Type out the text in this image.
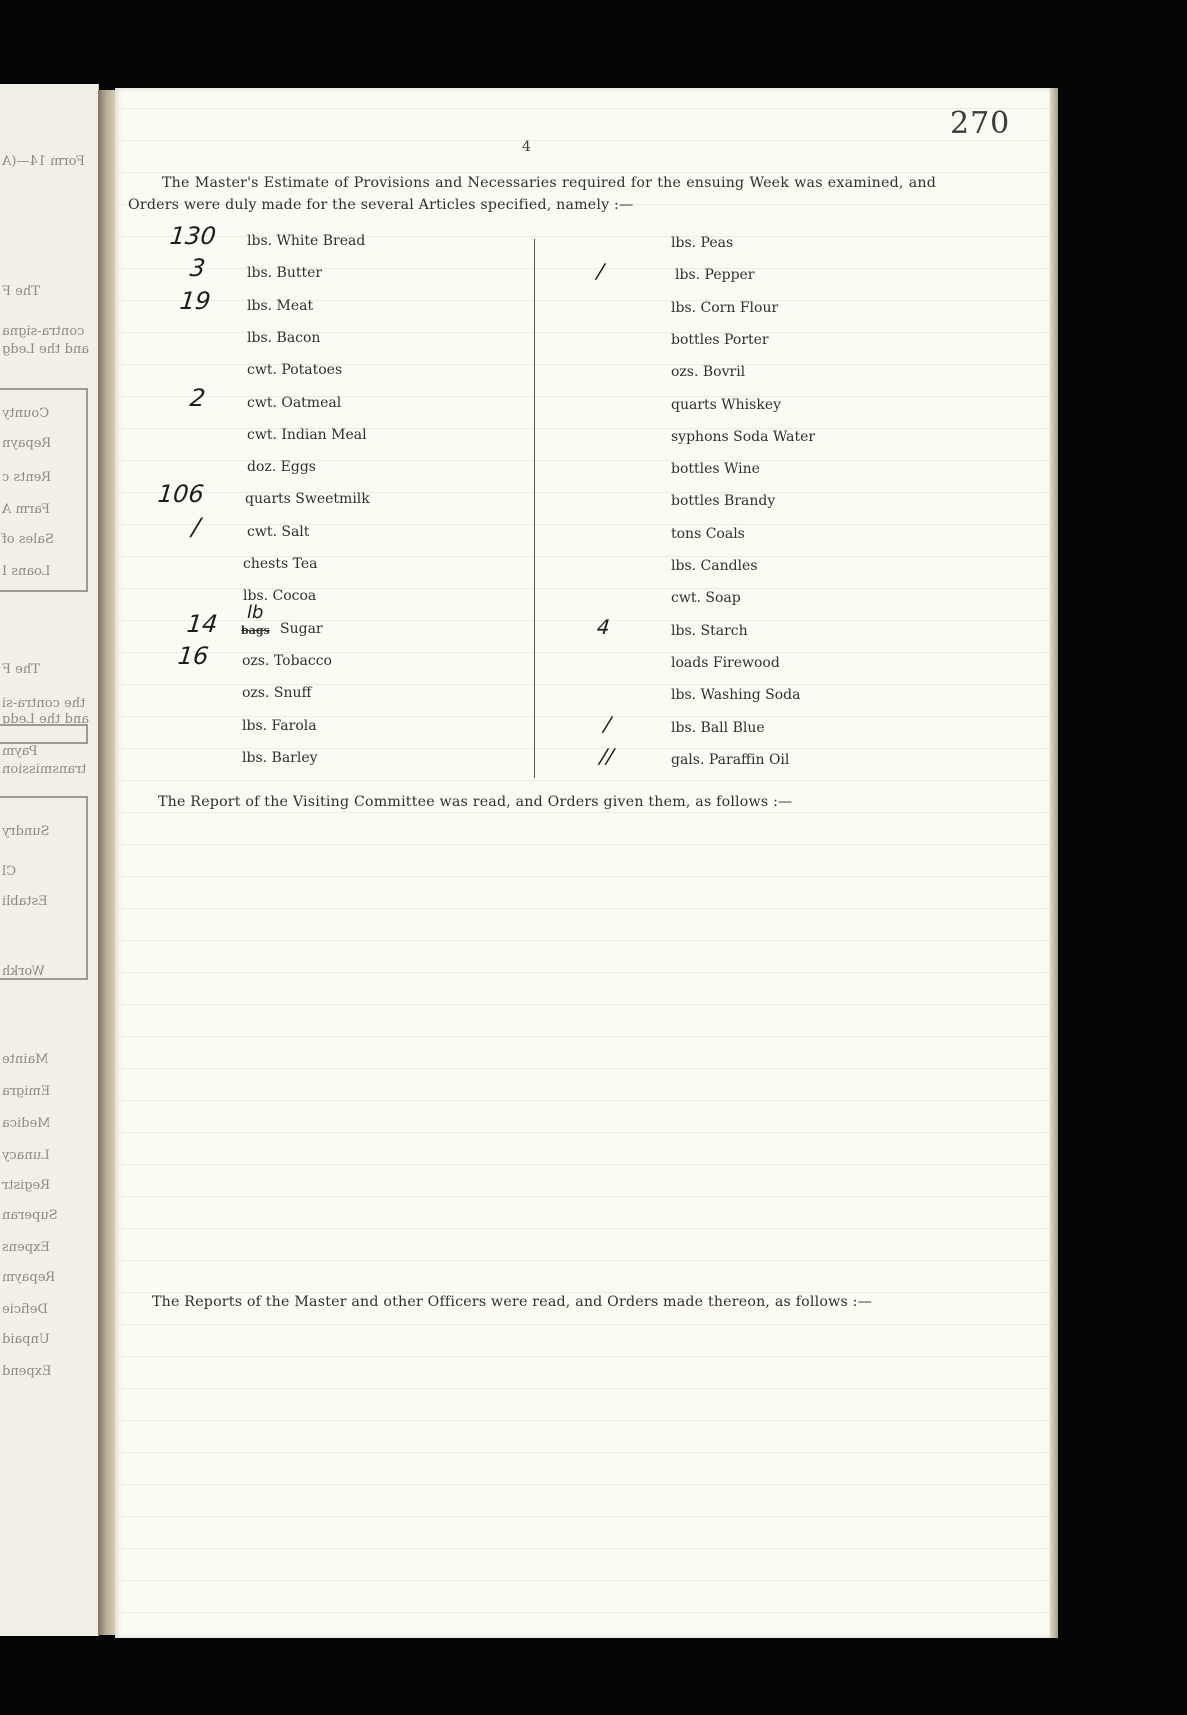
Form 14—(A
The F
contra-signa
and the Ledg
County
Repayn
Rents c
Farm A
Sales of
Loans I
The F
the contra-si
and the Ledg
Paym
transmission
Sundry
Cl
Establi
Workh
Mainte
Emigra
Medica
Lunacy
Registr
Superan
Expens
Repaym
Deficie
Unpaid
Expend
270
4
The Master's Estimate of Provisions and Necessaries required for the ensuing Week was examined, and Orders were duly made for the several Articles specified, namely :—
bags
lb
The Report of the Visiting Committee was read, and Orders given them, as follows :—
The Reports of the Master and other Officers were read, and Orders made thereon, as follows :—
lbs. White Bread
130
lbs. Butter
3
lbs. Meat
19
lbs. Bacon
cwt. Potatoes
cwt. Oatmeal
2
cwt. Indian Meal
doz. Eggs
quarts Sweetmilk
106
cwt. Salt
/
chests Tea
lbs. Cocoa
Sugar
14
ozs. Tobacco
16
ozs. Snuff
lbs. Farola
lbs. Barley
lbs. Peas
lbs. Pepper
/
lbs. Corn Flour
bottles Porter
ozs. Bovril
quarts Whiskey
syphons Soda Water
bottles Wine
bottles Brandy
tons Coals
lbs. Candles
cwt. Soap
lbs. Starch
4
loads Firewood
lbs. Washing Soda
lbs. Ball Blue
/
gals. Paraffin Oil
//
